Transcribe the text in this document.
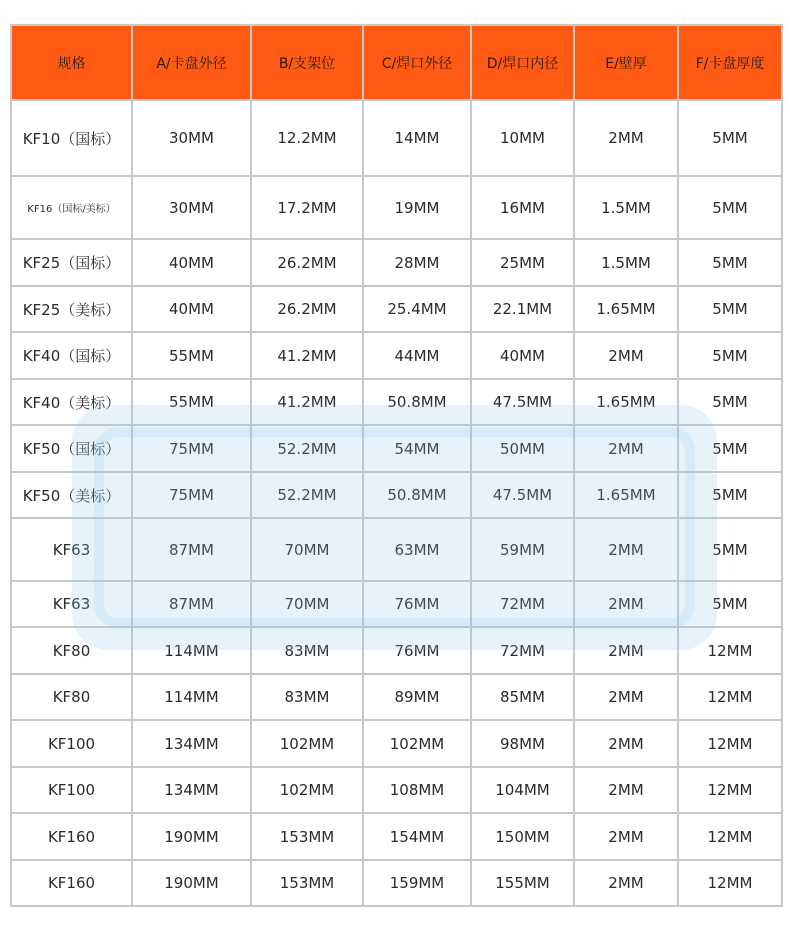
规格	A/卡盘外径	B/支架位	C/焊口外径	D/焊口内径	E/壁厚	F/卡盘厚度
KF10（国标）	30MM	12.2MM	14MM	10MM	2MM	5MM
KF16（国标/美标）	30MM	17.2MM	19MM	16MM	1.5MM	5MM
KF25（国标）	40MM	26.2MM	28MM	25MM	1.5MM	5MM
KF25（美标）	40MM	26.2MM	25.4MM	22.1MM	1.65MM	5MM
KF40（国标）	55MM	41.2MM	44MM	40MM	2MM	5MM
KF40（美标）	55MM	41.2MM	50.8MM	47.5MM	1.65MM	5MM
KF50（国标）	75MM	52.2MM	54MM	50MM	2MM	5MM
KF50（美标）	75MM	52.2MM	50.8MM	47.5MM	1.65MM	5MM
KF63	87MM	70MM	63MM	59MM	2MM	5MM
KF63	87MM	70MM	76MM	72MM	2MM	5MM
KF80	114MM	83MM	76MM	72MM	2MM	12MM
KF80	114MM	83MM	89MM	85MM	2MM	12MM
KF100	134MM	102MM	102MM	98MM	2MM	12MM
KF100	134MM	102MM	108MM	104MM	2MM	12MM
KF160	190MM	153MM	154MM	150MM	2MM	12MM
KF160	190MM	153MM	159MM	155MM	2MM	12MM
